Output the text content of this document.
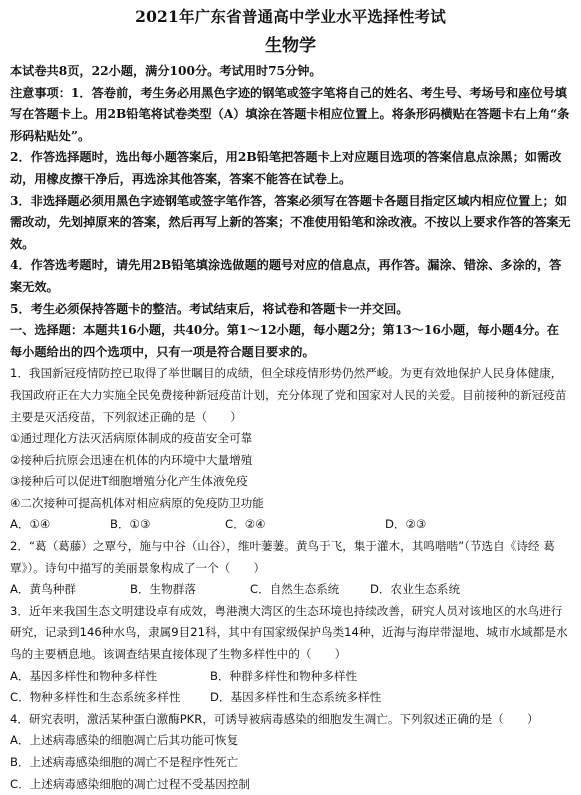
2021年广东省普通高中学业水平选择性考试
生物学
本试卷共8页，22小题，满分100分。考试用时75分钟。

注意事项：1．答卷前，考生务必用黑色字迹的钢笔或签字笔将自己的姓名、考生号、考场号和座位号填写在答题卡上。用2B铅笔将试卷类型（A）填涂在答题卡相应位置上。将条形码横贴在答题卡右上角“条形码粘贴处”。

2．作答选择题时，选出每小题答案后，用2B铅笔把答题卡上对应题目选项的答案信息点涂黑；如需改动，用橡皮擦干净后，再选涂其他答案，答案不能答在试卷上。

3．非选择题必须用黑色字迹钢笔或签字笔作答，答案必须写在答题卡各题目指定区域内相应位置上；如需改动，先划掉原来的答案，然后再写上新的答案；不准使用铅笔和涂改液。不按以上要求作答的答案无效。

4．作答选考题时，请先用2B铅笔填涂选做题的题号对应的信息点，再作答。漏涂、错涂、多涂的，答案无效。

5．考生必须保持答题卡的整洁。考试结束后，将试卷和答题卡一并交回。

一、选择题：本题共16小题，共40分。第1～12小题，每小题2分；第13～16小题，每小题4分。在每小题给出的四个选项中，只有一项是符合题目要求的。

1．我国新冠疫情防控已取得了举世瞩目的成绩，但全球疫情形势仍然严峻。为更有效地保护人民身体健康，我国政府正在大力实施全民免费接种新冠疫苗计划，充分体现了党和国家对人民的关爱。目前接种的新冠疫苗主要是灭活疫苗，下列叙述正确的是（　　）

①通过理化方法灭活病原体制成的疫苗安全可靠
②接种后抗原会迅速在机体的内环境中大量增殖
③接种后可以促进T细胞增殖分化产生体液免疫
④二次接种可提高机体对相应病原的免疫防卫功能
A．①④	B．①③	C．②④	D．②③

2．“葛（葛藤）之覃兮，施与中谷（山谷），维叶萋萋。黄鸟于飞，集于灌木，其鸣喈喈”（节选自《诗经 葛覃》）。诗句中描写的美丽景象构成了一个（　　）

A．黄鸟种群	B．生物群落	C．自然生态系统	D．农业生态系统

3．近年来我国生态文明建设卓有成效，粤港澳大湾区的生态环境也持续改善，研究人员对该地区的水鸟进行研究，记录到146种水鸟，隶属9目21科，其中有国家级保护鸟类14种，近海与海岸带湿地、城市水域都是水鸟的主要栖息地。该调查结果直接体现了生物多样性中的（　　）

A．基因多样性和物种多样性	B．种群多样性和物种多样性
C．物种多样性和生态系统多样性	D．基因多样性和生态系统多样性

4．研究表明，激活某种蛋白激酶PKR，可诱导被病毒感染的细胞发生凋亡。下列叙述正确的是（　　）

A．上述病毒感染的细胞凋亡后其功能可恢复
B．上述病毒感染细胞的凋亡不是程序性死亡
C．上述病毒感染细胞的凋亡过程不受基因控制
